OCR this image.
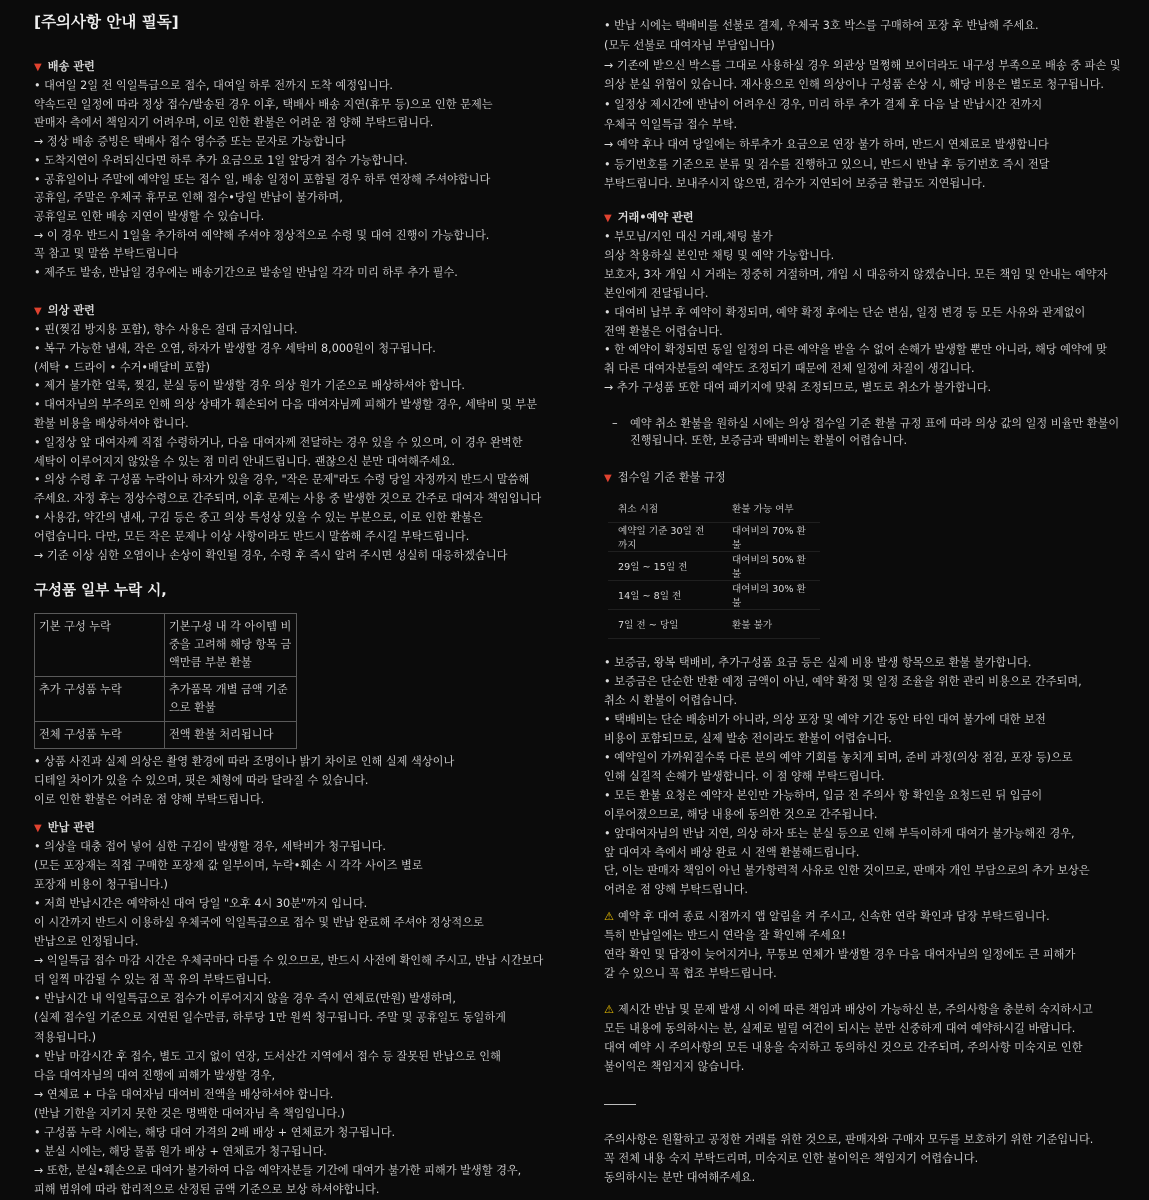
[주의사항 안내 필독]
▼ 배송 관련
• 대여일 2일 전 익일특급으로 접수, 대여일 하루 전까지 도착 예정입니다.
약속드린 일정에 따라 정상 접수/발송된 경우 이후, 택배사 배송 지연(휴무 등)으로 인한 문제는
판매자 측에서 책임지기 어려우며, 이로 인한 환불은 어려운 점 양해 부탁드립니다.
→ 정상 배송 증빙은 택배사 접수 영수증 또는 문자로 가능합니다
• 도착지연이 우려되신다면 하루 추가 요금으로 1일 앞당겨 접수 가능합니다.
• 공휴일이나 주말에 예약일 또는 접수 일, 배송 일정이 포함될 경우 하루 연장해 주셔야합니다
공휴일, 주말은 우체국 휴무로 인해 접수•당일 반납이 불가하며,
공휴일로 인한 배송 지연이 발생할 수 있습니다.
→ 이 경우 반드시 1일을 추가하여 예약해 주셔야 정상적으로 수령 및 대여 진행이 가능합니다.
꼭 참고 및 말씀 부탁드립니다
• 제주도 발송, 반납일 경우에는 배송기간으로 발송일 반납일 각각 미리 하루 추가 필수.
▼ 의상 관련
• 핀(찢김 방지용 포함), 향수 사용은 절대 금지입니다.
• 복구 가능한 냄새, 작은 오염, 하자가 발생할 경우 세탁비 8,000원이 청구됩니다.
(세탁 • 드라이 • 수거•배달비 포함)
• 제거 불가한 얼룩, 찢김, 분실 등이 발생할 경우 의상 원가 기준으로 배상하셔야 합니다.
• 대여자님의 부주의로 인해 의상 상태가 훼손되어 다음 대여자님께 피해가 발생할 경우, 세탁비 및 부분
환불 비용을 배상하셔야 합니다.
• 일정상 앞 대여자께 직접 수령하거나, 다음 대여자께 전달하는 경우 있을 수 있으며, 이 경우 완벽한
세탁이 이루어지지 않았을 수 있는 점 미리 안내드립니다. 괜찮으신 분만 대여해주세요.
• 의상 수령 후 구성품 누락이나 하자가 있을 경우, "작은 문제"라도 수령 당일 자정까지 반드시 말씀해
주세요. 자정 후는 정상수령으로 간주되며, 이후 문제는 사용 중 발생한 것으로 간주로 대여자 책임입니다
• 사용감, 약간의 냄새, 구김 등은 중고 의상 특성상 있을 수 있는 부분으로, 이로 인한 환불은
어렵습니다. 다만, 모든 작은 문제나 이상 사항이라도 반드시 말씀해 주시길 부탁드립니다.
→ 기준 이상 심한 오염이나 손상이 확인될 경우, 수령 후 즉시 알려 주시면 성실히 대응하겠습니다
구성품 일부 누락 시,
기본 구성 누락	기본구성 내 각 아이템 비
중을 고려해 해당 항목 금
액만큼 부분 환불

추가 구성품 누락	추가품목 개별 금액 기준
으로 환불

전체 구성품 누락	전액 환불 처리됩니다
• 상품 사진과 실제 의상은 촬영 환경에 따라 조명이나 밝기 차이로 인해 실제 색상이나
디테일 차이가 있을 수 있으며, 핏은 체형에 따라 달라질 수 있습니다.
이로 인한 환불은 어려운 점 양해 부탁드립니다.
▼ 반납 관련
• 의상을 대충 접어 넣어 심한 구김이 발생할 경우, 세탁비가 청구됩니다.
(모든 포장재는 직접 구매한 포장재 값 일부이며, 누락•훼손 시 각각 사이즈 별로
포장재 비용이 청구됩니다.)
• 저희 반납시간은 예약하신 대여 당일 "오후 4시 30분"까지 입니다.
이 시간까지 반드시 이용하실 우체국에 익일특급으로 접수 및 반납 완료해 주셔야 정상적으로
반납으로 인정됩니다.
→ 익일특급 접수 마감 시간은 우체국마다 다를 수 있으므로, 반드시 사전에 확인해 주시고, 반납 시간보다
더 일찍 마감될 수 있는 점 꼭 유의 부탁드립니다.
• 반납시간 내 익일특급으로 접수가 이루어지지 않을 경우 즉시 연체료(만원) 발생하며,
(실제 접수일 기준으로 지연된 일수만큼, 하루당 1만 원씩 청구됩니다. 주말 및 공휴일도 동일하게
적용됩니다.)
• 반납 마감시간 후 접수, 별도 고지 없이 연장, 도서산간 지역에서 접수 등 잘못된 반납으로 인해
다음 대여자님의 대여 진행에 피해가 발생할 경우,
→ 연체료 + 다음 대여자님 대여비 전액을 배상하셔야 합니다.
(반납 기한을 지키지 못한 것은 명백한 대여자님 측 책임입니다.)
• 구성품 누락 시에는, 해당 대여 가격의 2배 배상 + 연체료가 청구됩니다.
• 분실 시에는, 해당 물품 원가 배상 + 연체료가 청구됩니다.
→ 또한, 분실•훼손으로 대여가 불가하여 다음 예약자분들 기간에 대여가 불가한 피해가 발생할 경우,
피해 범위에 따라 합리적으로 산정된 금액 기준으로 보상 하셔야합니다.
• 반납 시에는 택배비를 선불로 결제, 우체국 3호 박스를 구매하여 포장 후 반납해 주세요.
(모두 선불로 대여자님 부담입니다)
→ 기존에 받으신 박스를 그대로 사용하실 경우 외관상 멀쩡해 보이더라도 내구성 부족으로 배송 중 파손 및
의상 분실 위험이 있습니다. 재사용으로 인해 의상이나 구성품 손상 시, 해당 비용은 별도로 청구됩니다.
• 일정상 제시간에 반납이 어려우신 경우, 미리 하루 추가 결제 후 다음 날 반납시간 전까지
우체국 익일특급 접수 부탁.
→ 예약 후나 대여 당일에는 하루추가 요금으로 연장 불가 하며, 반드시 연체료로 발생합니다
• 등기번호를 기준으로 분류 및 검수를 진행하고 있으니, 반드시 반납 후 등기번호 즉시 전달
부탁드립니다. 보내주시지 않으면, 검수가 지연되어 보증금 환급도 지연됩니다.
▼ 거래•예약 관련
• 부모님/지인 대신 거래,채팅 불가
의상 착용하실 본인만 채팅 및 예약 가능합니다.
보호자, 3자 개입 시 거래는 정중히 거절하며, 개입 시 대응하지 않겠습니다. 모든 책임 및 안내는 예약자
본인에게 전달됩니다.
• 대여비 납부 후 예약이 확정되며, 예약 확정 후에는 단순 변심, 일정 변경 등 모든 사유와 관계없이
전액 환불은 어렵습니다.
• 한 예약이 확정되면 동일 일정의 다른 예약을 받을 수 없어 손해가 발생할 뿐만 아니라, 해당 예약에 맞
춰 다른 대여자분들의 예약도 조정되기 때문에 전체 일정에 차질이 생깁니다.
→ 추가 구성품 또한 대여 패키지에 맞춰 조정되므로, 별도로 취소가 불가합니다.
– 예약 취소 환불을 원하실 시에는 의상 접수일 기준 환불 규정 표에 따라 의상 값의 일정 비율만 환불이
진행됩니다. 또한, 보증금과 택배비는 환불이 어렵습니다.
▼ 접수일 기준 환불 규정
취소 시점	환불 가능 여부
예약일 기준 30일 전까지	대여비의 70% 환불
29일 ~ 15일 전	대여비의 50% 환불
14일 ~ 8일 전	대여비의 30% 환불
7일 전 ~ 당일	환불 불가
• 보증금, 왕복 택배비, 추가구성품 요금 등은 실제 비용 발생 항목으로 환불 불가합니다.
• 보증금은 단순한 반환 예정 금액이 아닌, 예약 확정 및 일정 조율을 위한 관리 비용으로 간주되며,
취소 시 환불이 어렵습니다.
• 택배비는 단순 배송비가 아니라, 의상 포장 및 예약 기간 동안 타인 대여 불가에 대한 보전
비용이 포함되므로, 실제 발송 전이라도 환불이 어렵습니다.
• 예약일이 가까워질수록 다른 분의 예약 기회를 놓치게 되며, 준비 과정(의상 점검, 포장 등)으로
인해 실질적 손해가 발생합니다. 이 점 양해 부탁드립니다.
• 모든 환불 요청은 예약자 본인만 가능하며, 입금 전 주의사 항 확인을 요청드린 뒤 입금이
이루어졌으므로, 해당 내용에 동의한 것으로 간주됩니다.
• 앞대여자님의 반납 지연, 의상 하자 또는 분실 등으로 인해 부득이하게 대여가 불가능해진 경우,
앞 대여자 측에서 배상 완료 시 전액 환불해드립니다.
단, 이는 판매자 책임이 아닌 불가항력적 사유로 인한 것이므로, 판매자 개인 부담으로의 추가 보상은
어려운 점 양해 부탁드립니다.
⚠ 예약 후 대여 종료 시점까지 앱 알림을 켜 주시고, 신속한 연락 확인과 답장 부탁드립니다.
특히 반납일에는 반드시 연락을 잘 확인해 주세요!
연락 확인 및 답장이 늦어지거나, 무통보 연체가 발생할 경우 다음 대여자님의 일정에도 큰 피해가
갈 수 있으니 꼭 협조 부탁드립니다.
⚠ 제시간 반납 및 문제 발생 시 이에 따른 책임과 배상이 가능하신 분, 주의사항을 충분히 숙지하시고
모든 내용에 동의하시는 분, 실제로 빌릴 여건이 되시는 분만 신중하게 대여 예약하시길 바랍니다.
대여 예약 시 주의사항의 모든 내용을 숙지하고 동의하신 것으로 간주되며, 주의사항 미숙지로 인한
불이익은 책임지지 않습니다.
주의사항은 원활하고 공정한 거래를 위한 것으로, 판매자와 구매자 모두를 보호하기 위한 기준입니다.
꼭 전체 내용 숙지 부탁드리며, 미숙지로 인한 불이익은 책임지기 어렵습니다.
동의하시는 분만 대여해주세요.
